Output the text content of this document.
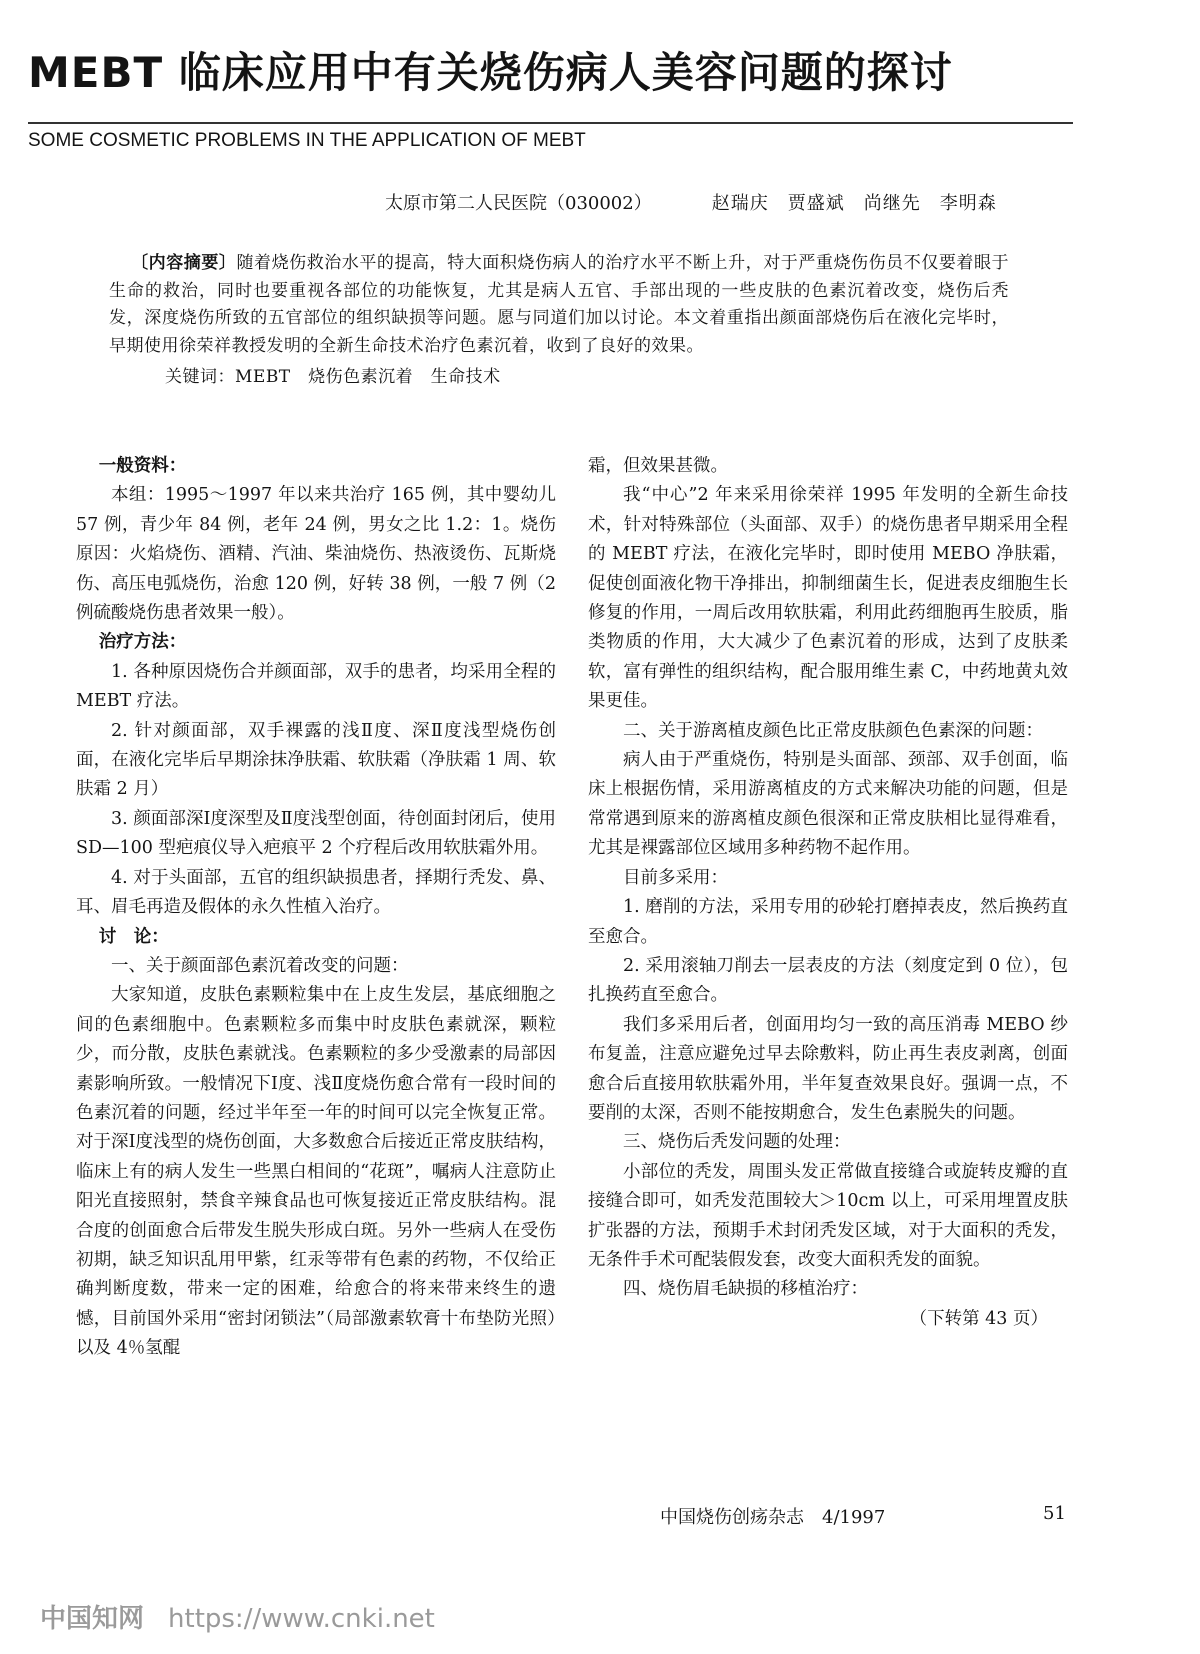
MEBT 临床应用中有关烧伤病人美容问题的探讨
SOME COSMETIC PROBLEMS IN THE APPLICATION OF MEBT
太原市第二人民医院（030002）	赵瑞庆　贾盛斌　尚继先　李明森

〔内容摘要〕随着烧伤救治水平的提高，特大面积烧伤病人的治疗水平不断上升，对于严重烧伤伤员不仅要着眼于生命的救治，同时也要重视各部位的功能恢复，尤其是病人五官、手部出现的一些皮肤的色素沉着改变，烧伤后秃发，深度烧伤所致的五官部位的组织缺损等问题。愿与同道们加以讨论。本文着重指出颜面部烧伤后在液化完毕时，早期使用徐荣祥教授发明的全新生命技术治疗色素沉着，收到了良好的效果。

关键词：MEBT　烧伤色素沉着　生命技术

一般资料：

本组：1995～1997 年以来共治疗 165 例，其中婴幼儿 57 例，青少年 84 例，老年 24 例，男女之比 1.2：1。烧伤原因：火焰烧伤、酒精、汽油、柴油烧伤、热液烫伤、瓦斯烧伤、高压电弧烧伤，治愈 120 例，好转 38 例，一般 7 例（2 例硫酸烧伤患者效果一般）。

治疗方法：

1. 各种原因烧伤合并颜面部，双手的患者，均采用全程的 MEBT 疗法。

2. 针对颜面部，双手裸露的浅Ⅱ度、深Ⅱ度浅型烧伤创面，在液化完毕后早期涂抹净肤霜、软肤霜（净肤霜 1 周、软肤霜 2 月）

3. 颜面部深Ⅰ度深型及Ⅱ度浅型创面，待创面封闭后，使用 SD—100 型疤痕仪导入疤痕平 2 个疗程后改用软肤霜外用。

4. 对于头面部，五官的组织缺损患者，择期行秃发、鼻、耳、眉毛再造及假体的永久性植入治疗。

讨　论：

一、关于颜面部色素沉着改变的问题：

大家知道，皮肤色素颗粒集中在上皮生发层，基底细胞之间的色素细胞中。色素颗粒多而集中时皮肤色素就深，颗粒少，而分散，皮肤色素就浅。色素颗粒的多少受激素的局部因素影响所致。一般情况下Ⅰ度、浅Ⅱ度烧伤愈合常有一段时间的色素沉着的问题，经过半年至一年的时间可以完全恢复正常。对于深Ⅰ度浅型的烧伤创面，大多数愈合后接近正常皮肤结构，临床上有的病人发生一些黑白相间的“花斑”，嘱病人注意防止阳光直接照射，禁食辛辣食品也可恢复接近正常皮肤结构。混合度的创面愈合后带发生脱失形成白斑。另外一些病人在受伤初期，缺乏知识乱用甲紫，红汞等带有色素的药物，不仅给正确判断度数，带来一定的困难，给愈合的将来带来终生的遗憾，目前国外采用“密封闭锁法”（局部激素软膏十布垫防光照）以及 4％氢醌

霜，但效果甚微。

我“中心”2 年来采用徐荣祥 1995 年发明的全新生命技术，针对特殊部位（头面部、双手）的烧伤患者早期采用全程的 MEBT 疗法，在液化完毕时，即时使用 MEBO 净肤霜，促使创面液化物干净排出，抑制细菌生长，促进表皮细胞生长修复的作用，一周后改用软肤霜，利用此药细胞再生胶质，脂类物质的作用，大大减少了色素沉着的形成，达到了皮肤柔软，富有弹性的组织结构，配合服用维生素 C，中药地黄丸效果更佳。

二、关于游离植皮颜色比正常皮肤颜色色素深的问题：

病人由于严重烧伤，特别是头面部、颈部、双手创面，临床上根据伤情，采用游离植皮的方式来解决功能的问题，但是常常遇到原来的游离植皮颜色很深和正常皮肤相比显得难看，尤其是裸露部位区域用多种药物不起作用。

目前多采用：

1. 磨削的方法，采用专用的砂轮打磨掉表皮，然后换药直至愈合。

2. 采用滚轴刀削去一层表皮的方法（刻度定到 0 位），包扎换药直至愈合。

我们多采用后者，创面用均匀一致的高压消毒 MEBO 纱布复盖，注意应避免过早去除敷料，防止再生表皮剥离，创面愈合后直接用软肤霜外用，半年复查效果良好。强调一点，不要削的太深，否则不能按期愈合，发生色素脱失的问题。

三、烧伤后秃发问题的处理：

小部位的秃发，周围头发正常做直接缝合或旋转皮瓣的直接缝合即可，如秃发范围较大＞10cm 以上，可采用埋置皮肤扩张器的方法，预期手术封闭秃发区域，对于大面积的秃发，无条件手术可配装假发套，改变大面积秃发的面貌。

四、烧伤眉毛缺损的移植治疗：

（下转第 43 页）

中国烧伤创疡杂志　4/1997	51
中国知网 https://www.cnki.net
